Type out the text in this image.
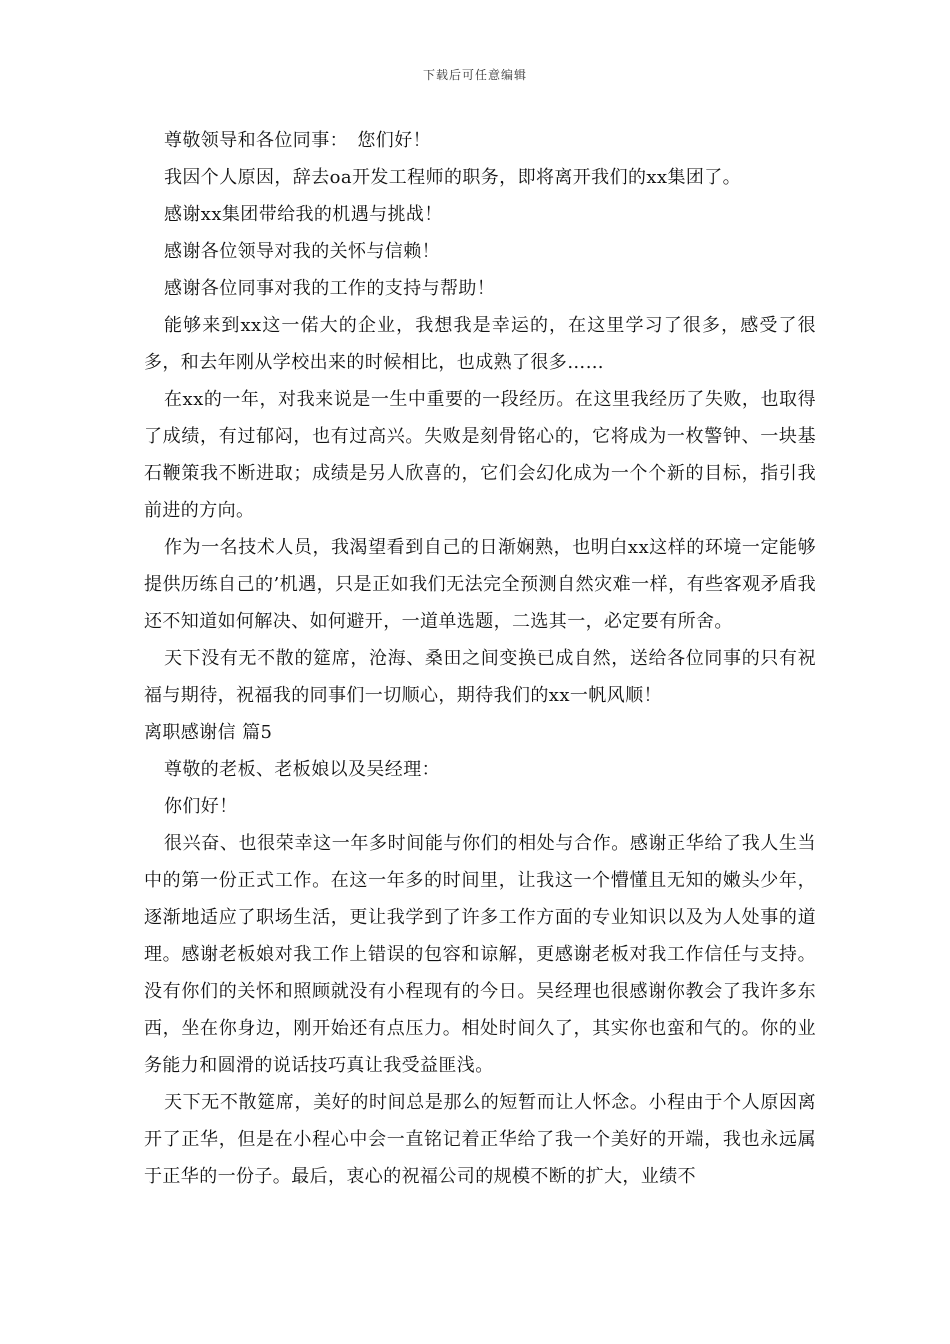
下载后可任意编辑

尊敬领导和各位同事：　您们好！

我因个人原因，辞去oa开发工程师的职务，即将离开我们的xx集团了。

感谢xx集团带给我的机遇与挑战！

感谢各位领导对我的关怀与信赖！

感谢各位同事对我的工作的支持与帮助！

能够来到xx这一偌大的企业，我想我是幸运的，在这里学习了很多，感受了很多，和去年刚从学校出来的时候相比，也成熟了很多……

在xx的一年，对我来说是一生中重要的一段经历。在这里我经历了失败，也取得了成绩，有过郁闷，也有过高兴。失败是刻骨铭心的，它将成为一枚警钟、一块基石鞭策我不断进取；成绩是另人欣喜的，它们会幻化成为一个个新的目标，指引我前进的方向。

作为一名技术人员，我渴望看到自己的日渐娴熟，也明白xx这样的环境一定能够提供历练自己的’机遇，只是正如我们无法完全预测自然灾难一样，有些客观矛盾我还不知道如何解决、如何避开，一道单选题，二选其一，必定要有所舍。

天下没有无不散的筵席，沧海、桑田之间变换已成自然，送给各位同事的只有祝福与期待，祝福我的同事们一切顺心，期待我们的xx一帆风顺！

离职感谢信 篇5

尊敬的老板、老板娘以及吴经理：

你们好！

很兴奋、也很荣幸这一年多时间能与你们的相处与合作。感谢正华给了我人生当中的第一份正式工作。在这一年多的时间里，让我这一个懵懂且无知的嫩头少年，逐渐地适应了职场生活，更让我学到了许多工作方面的专业知识以及为人处事的道理。感谢老板娘对我工作上错误的包容和谅解，更感谢老板对我工作信任与支持。没有你们的关怀和照顾就没有小程现有的今日。吴经理也很感谢你教会了我许多东西，坐在你身边，刚开始还有点压力。相处时间久了，其实你也蛮和气的。你的业务能力和圆滑的说话技巧真让我受益匪浅。

天下无不散筵席，美好的时间总是那么的短暂而让人怀念。小程由于个人原因离开了正华，但是在小程心中会一直铭记着正华给了我一个美好的开端，我也永远属于正华的一份子。最后，衷心的祝福公司的规模不断的扩大，业绩不
